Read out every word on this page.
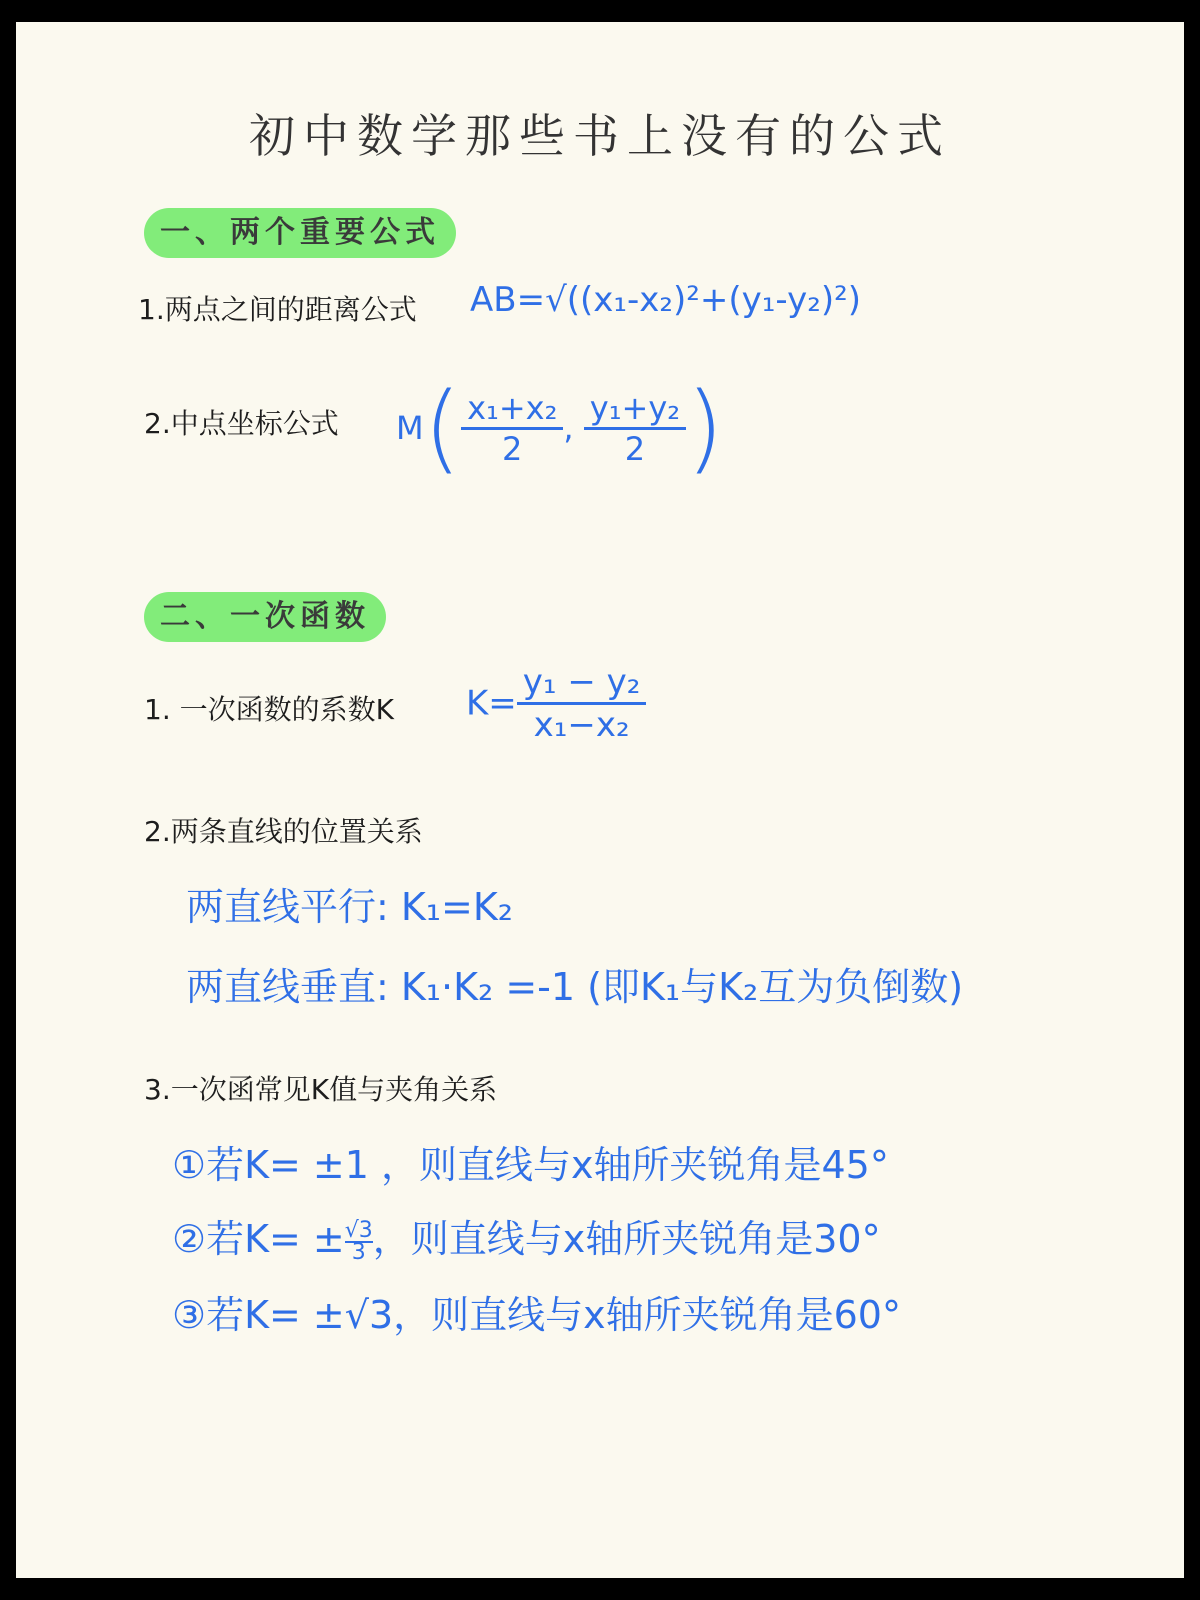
初中数学那些书上没有的公式
一、两个重要公式
1.两点之间的距离公式 AB=√((x₁-x₂)²+(y₁-y₂)²)
2.中点坐标公式 $M( \frac{\text{x₁+x₂}}{2}$ , $\frac{\text{y₁+y₂}}{2}$ )
二、一次函数
1. 一次函数的系数K $K= \frac{\text{y₁ − y₂}}{\text{x₁−x₂}}$
2.两条直线的位置关系
两直线平行: K₁=K₂
两直线垂直: K₁·K₂ =-1 (即K₁与K₂互为负倒数)
3.一次函常见K值与夹角关系
①若K= ±1 ，则直线与x轴所夹锐角是45°
②若$K= \pm \frac{√3}{3}$ ，则直线与x轴所夹锐角是30°
③若K= ±√3，则直线与x轴所夹锐角是60°
